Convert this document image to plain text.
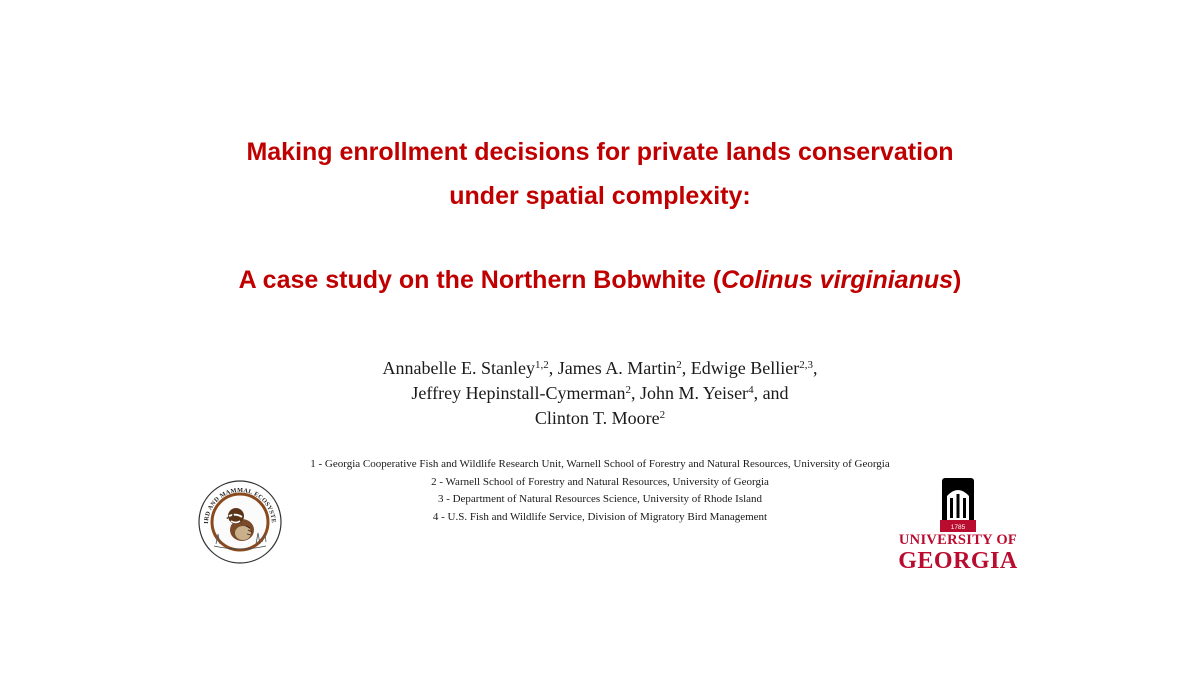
Making enrollment decisions for private lands conservation
under spatial complexity:
A case study on the Northern Bobwhite (Colinus virginianus)
Annabelle E. Stanley$^{1,2}$, James A. Martin$^2$, Edwige Bellier$^{2,3}$,
Jeffrey Hepinstall-Cymerman$^2$, John M. Yeiser$^4$, and
Clinton T. Moore$^2$
1 - Georgia Cooperative Fish and Wildlife Research Unit, Warnell School of Forestry and Natural Resources, University of Georgia
2 - Warnell School of Forestry and Natural Resources, University of Georgia
3 - Department of Natural Resources Science, University of Rhode Island
4 - U.S. Fish and Wildlife Service, Division of Migratory Bird Management
IRD AND MAMMAL ECOSYSTE
1785
UNIVERSITY OF
GEORGIA
